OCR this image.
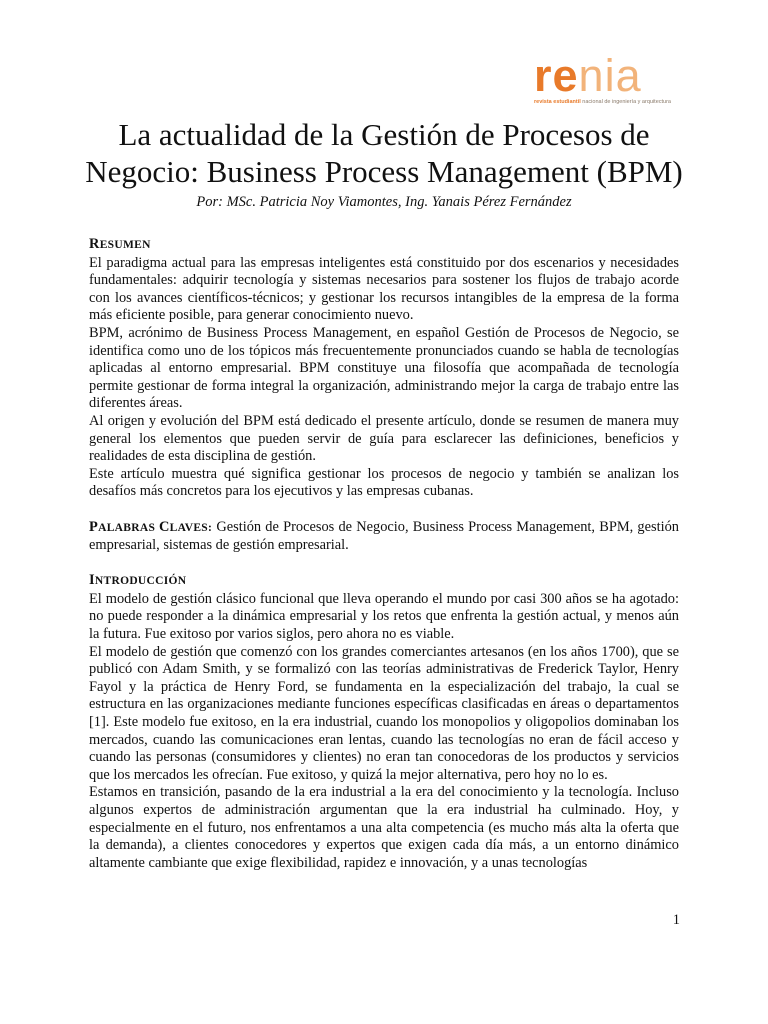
renia
revista estudiantil nacional de ingeniería y arquitectura
La actualidad de la Gestión de Procesos de Negocio: Business Process Management (BPM)
Por: MSc. Patricia Noy Viamontes, Ing. Yanais Pérez Fernández
RESUMEN

El paradigma actual para las empresas inteligentes está constituido por dos escenarios y necesidades fundamentales: adquirir tecnología y sistemas necesarios para sostener los flujos de trabajo acorde con los avances científicos-técnicos; y gestionar los recursos intangibles de la empresa de la forma más eficiente posible, para generar conocimiento nuevo.

BPM, acrónimo de Business Process Management, en español Gestión de Procesos de Negocio, se identifica como uno de los tópicos más frecuentemente pronunciados cuando se habla de tecnologías aplicadas al entorno empresarial. BPM constituye una filosofía que acompañada de tecnología permite gestionar de forma integral la organización, administrando mejor la carga de trabajo entre las diferentes áreas.

Al origen y evolución del BPM está dedicado el presente artículo, donde se resumen de manera muy general los elementos que pueden servir de guía para esclarecer las definiciones, beneficios y realidades de esta disciplina de gestión.

Este artículo muestra qué significa gestionar los procesos de negocio y también se analizan los desafíos más concretos para los ejecutivos y las empresas cubanas.

PALABRAS CLAVES: Gestión de Procesos de Negocio, Business Process Management, BPM, gestión empresarial, sistemas de gestión empresarial.

INTRODUCCIÓN

El modelo de gestión clásico funcional que lleva operando el mundo por casi 300 años se ha agotado: no puede responder a la dinámica empresarial y los retos que enfrenta la gestión actual, y menos aún la futura. Fue exitoso por varios siglos, pero ahora no es viable.

El modelo de gestión que comenzó con los grandes comerciantes artesanos (en los años 1700), que se publicó con Adam Smith, y se formalizó con las teorías administrativas de Frederick Taylor, Henry Fayol y la práctica de Henry Ford, se fundamenta en la especialización del trabajo, la cual se estructura en las organizaciones mediante funciones específicas clasificadas en áreas o departamentos [1]. Este modelo fue exitoso, en la era industrial, cuando los monopolios y oligopolios dominaban los mercados, cuando las comunicaciones eran lentas, cuando las tecnologías no eran de fácil acceso y cuando las personas (consumidores y clientes) no eran tan conocedoras de los productos y servicios que los mercados les ofrecían. Fue exitoso, y quizá la mejor alternativa, pero hoy no lo es.

Estamos en transición, pasando de la era industrial a la era del conocimiento y la tecnología. Incluso algunos expertos de administración argumentan que la era industrial ha culminado. Hoy, y especialmente en el futuro, nos enfrentamos a una alta competencia (es mucho más alta la oferta que la demanda), a clientes conocedores y expertos que exigen cada día más, a un entorno dinámico altamente cambiante que exige flexibilidad, rapidez e innovación, y a unas tecnologías

1
